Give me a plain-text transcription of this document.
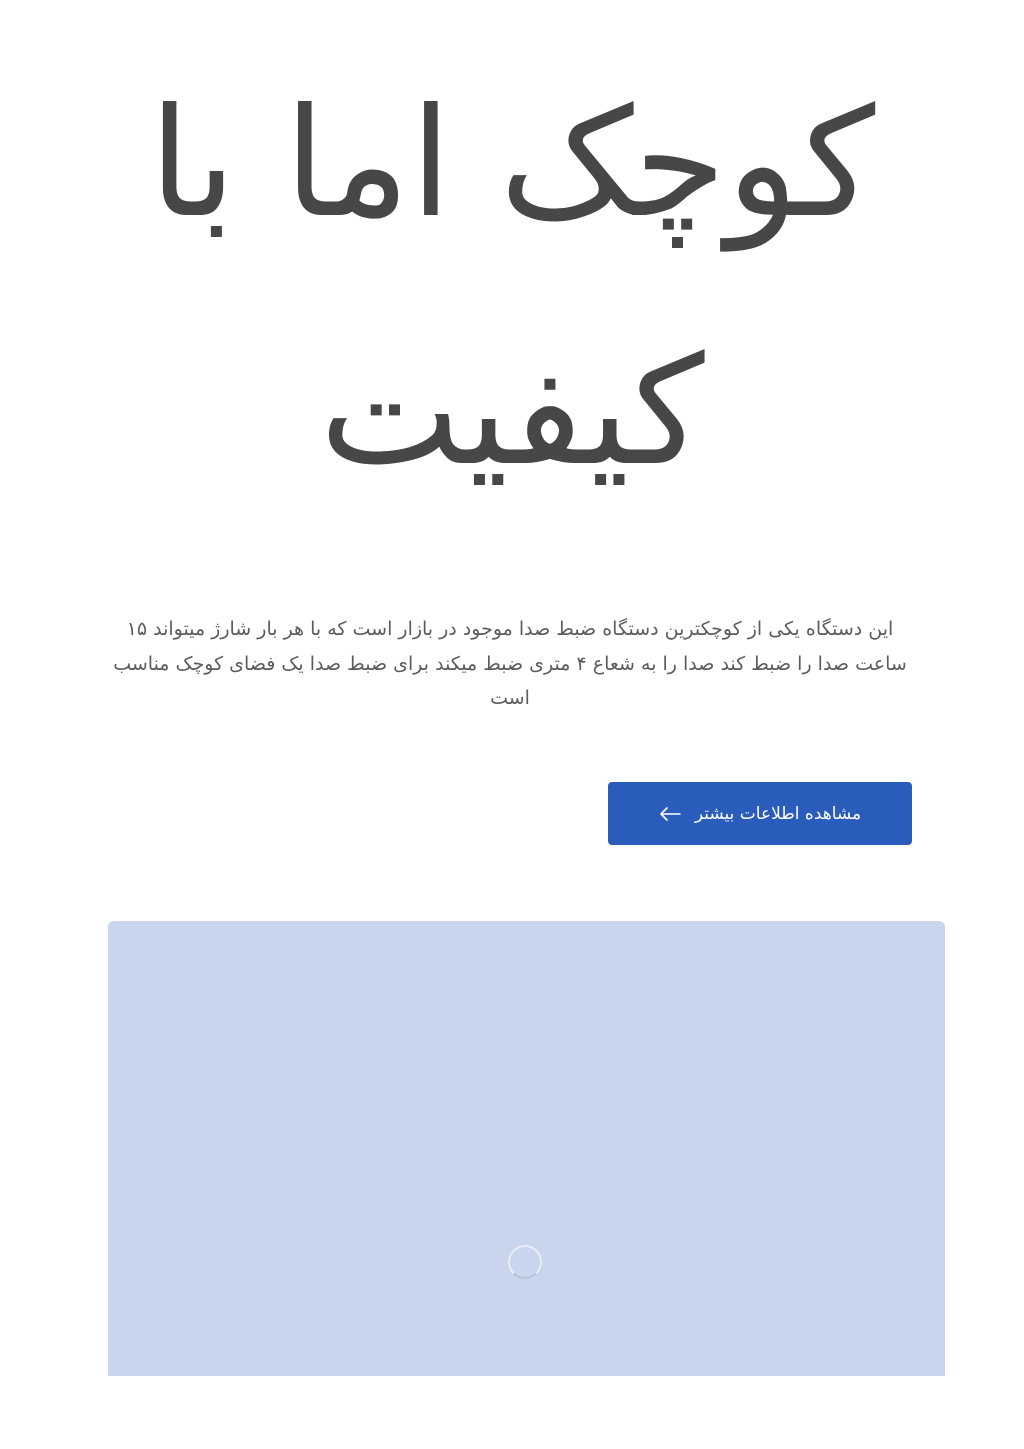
کوچک اما با کیفیت

این دستگاه یکی از کوچکترین دستگاه ضبط صدا موجود در بازار است که با هر بار شارژ میتواند ۱۵ ساعت صدا را ضبط کند صدا را به شعاع ۴ متری ضبط میکند برای ضبط صدا یک فضای کوچک مناسب است

مشاهده اطلاعات بیشتر
